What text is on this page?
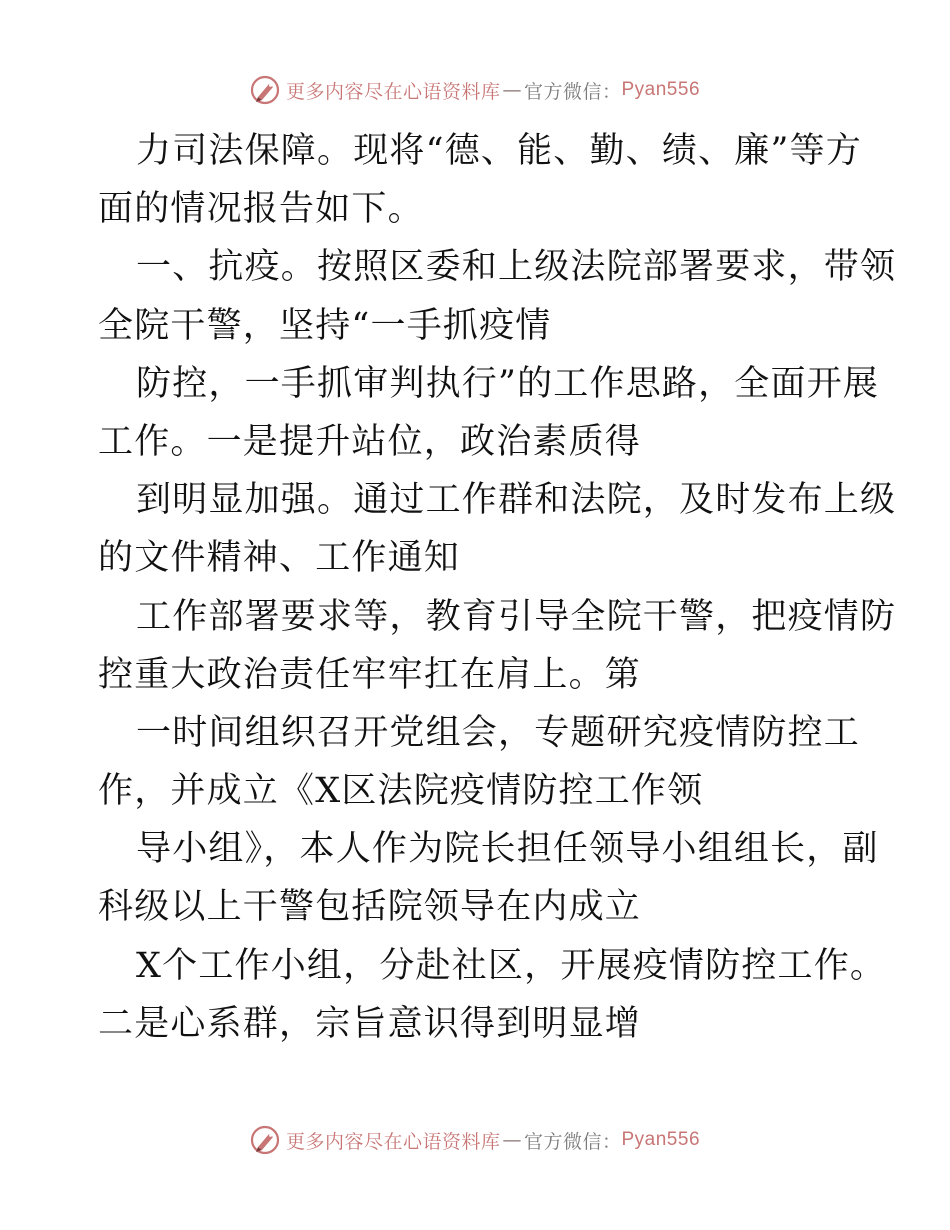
更多内容尽在心语资料库 — 官方微信： Pyan556
力司法保障。现将“德、能、勤、绩、廉”等方
面的情况报告如下。
一、抗疫。按照区委和上级法院部署要求，带领
全院干警，坚持“一手抓疫情
防控，一手抓审判执行”的工作思路，全面开展
工作。一是提升站位，政治素质得
到明显加强。通过工作群和法院，及时发布上级
的文件精神、工作通知
工作部署要求等，教育引导全院干警，把疫情防
控重大政治责任牢牢扛在肩上。第
一时间组织召开党组会，专题研究疫情防控工
作，并成立《X区法院疫情防控工作领
导小组》，本人作为院长担任领导小组组长，副
科级以上干警包括院领导在内成立
X个工作小组，分赴社区，开展疫情防控工作。
二是心系群，宗旨意识得到明显增
更多内容尽在心语资料库 — 官方微信： Pyan556
